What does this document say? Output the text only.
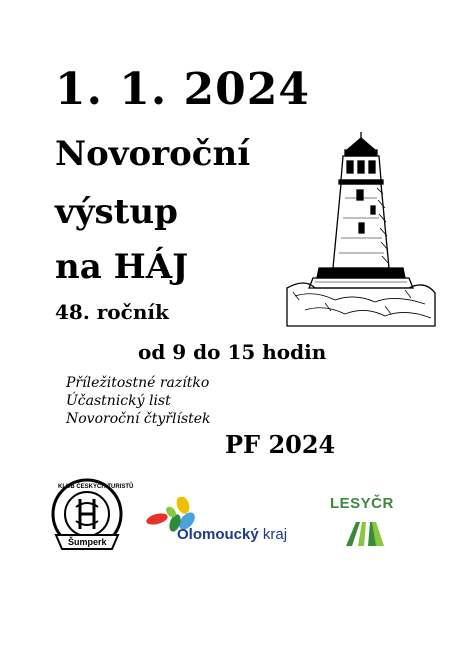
1. 1. 2024
Novoroční
výstup
na HÁJ
48. ročník
od 9 do 15 hodin
Příležitostné razítko
Účastnický list
Novoroční čtyřlístek
PF 2024
KLUB ČESKÝCH TURISTŮ
Šumperk	Olomoucký kraj
LESYČR
